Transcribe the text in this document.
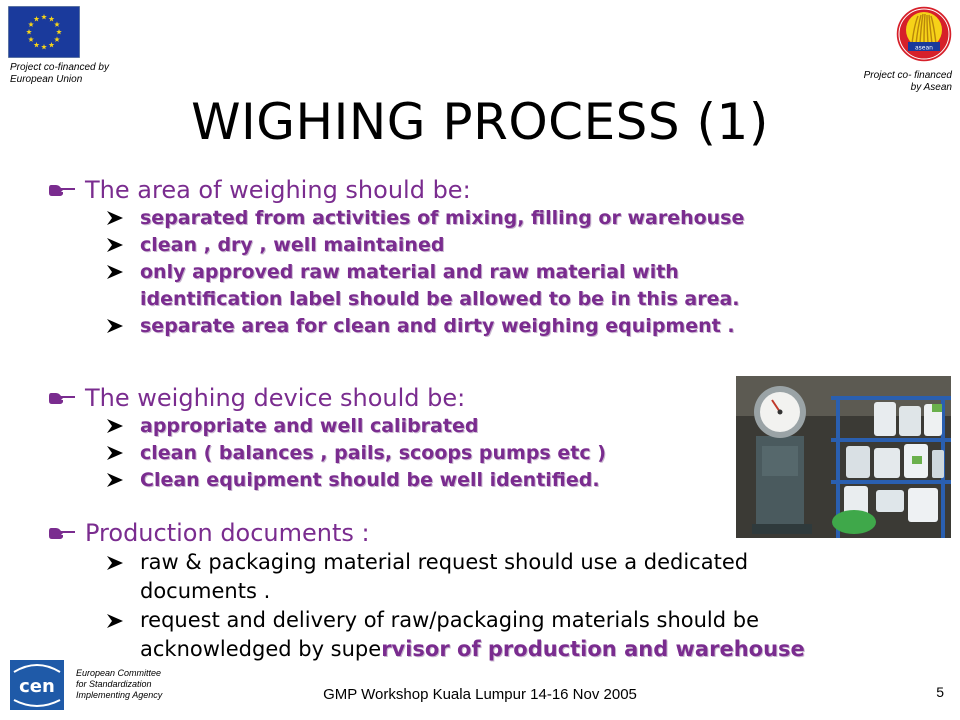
Project co-financed by
European Union
asean
Project co- financed
by Asean
WIGHING PROCESS (1)
The area of weighing should be:
separated from activities of mixing, filling or warehouse
clean , dry , well maintained
only approved raw material and raw material with
identification label should be allowed to be in this area.
separate area for clean and dirty weighing equipment .
The weighing device should be:
appropriate and well calibrated
clean ( balances , pails, scoops pumps etc )
Clean equipment should be well identified.
Production documents :
raw & packaging material request should use a dedicated
documents .
request and delivery of raw/packaging materials should be
acknowledged by supervisor of production and warehouse
cen
European Committee
for Standardization
Implementing Agency	GMP Workshop Kuala Lumpur 14-16 Nov 2005	5
